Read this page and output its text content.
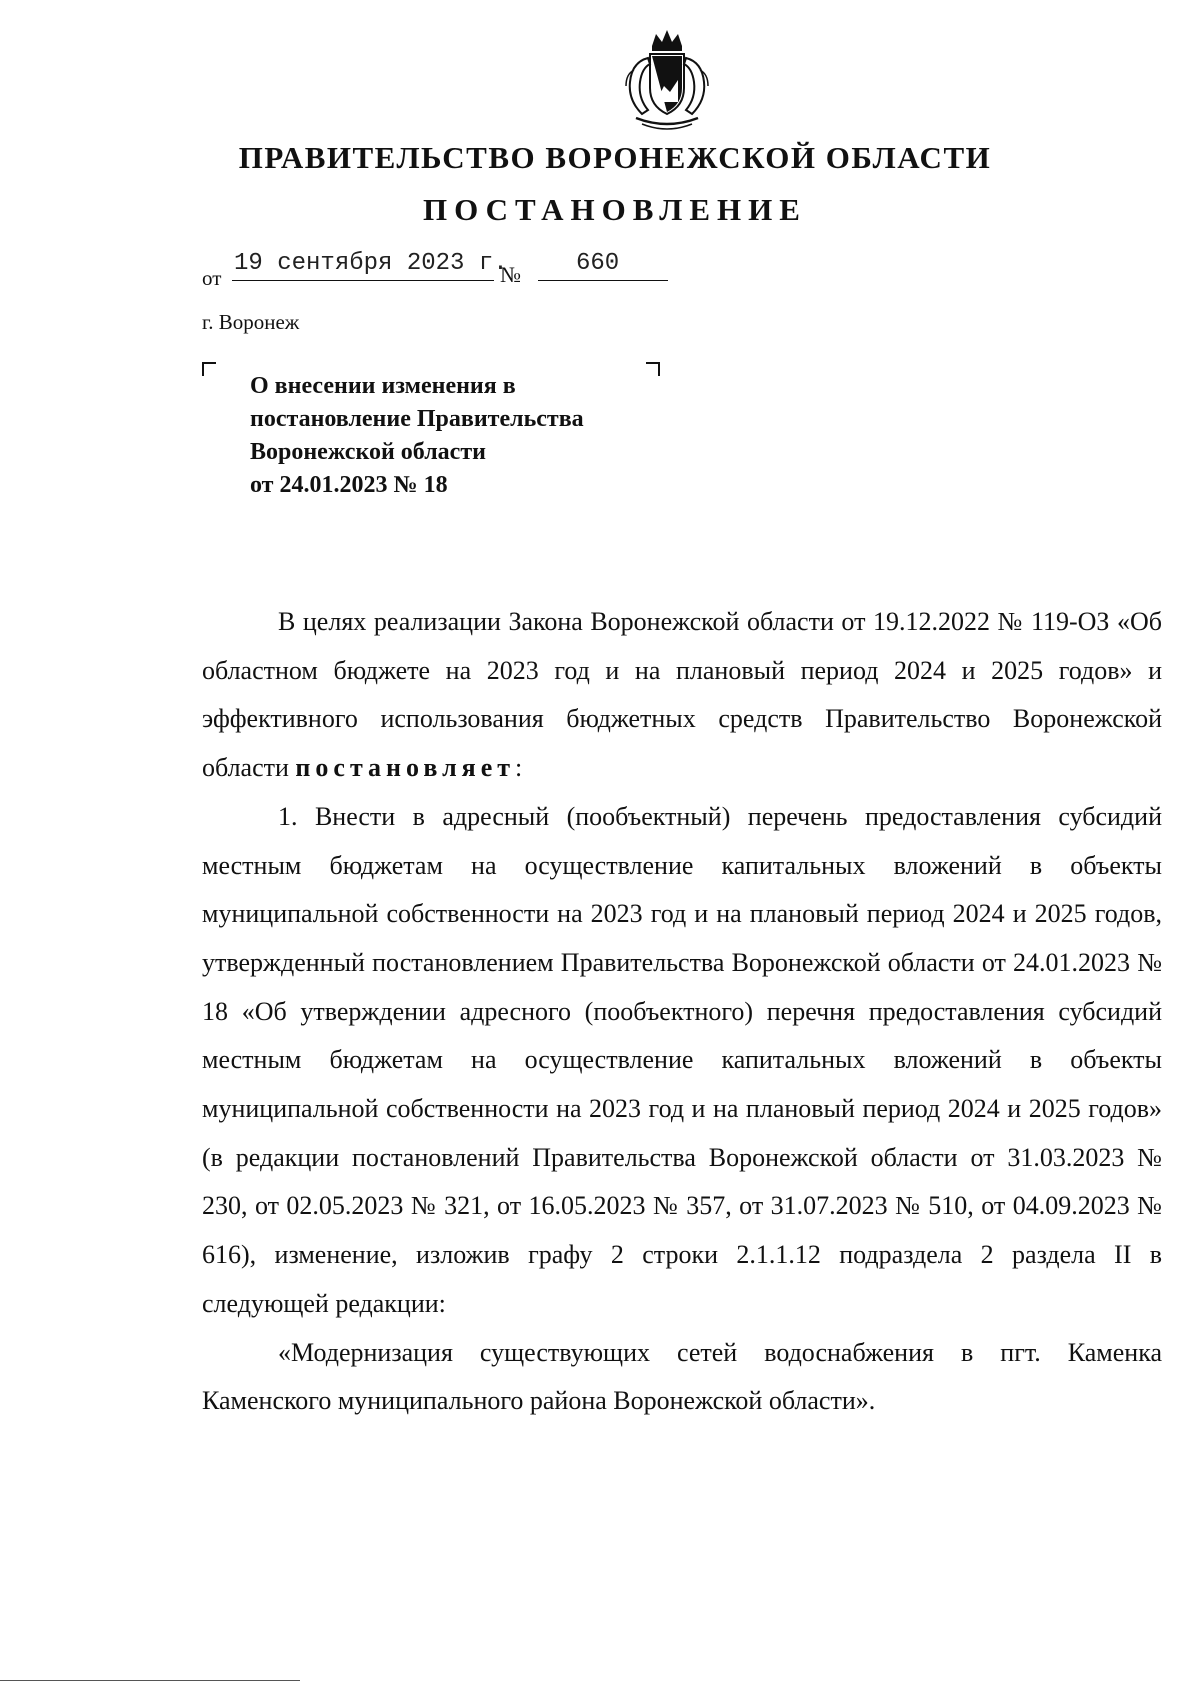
ПРАВИТЕЛЬСТВО ВОРОНЕЖСКОЙ ОБЛАСТИ
ПОСТАНОВЛЕНИЕ
от
19 сентября 2023 г.
№ 660
г. Воронеж
О внесении изменения в
постановление Правительства
Воронежской области
от 24.01.2023 № 18

В целях реализации Закона Воронежской области от 19.12.2022 № 119-ОЗ «Об областном бюджете на 2023 год и на плановый период 2024 и 2025 годов» и эффективного использования бюджетных средств Правительство Воронежской области постановляет:

1. Внести в адресный (пообъектный) перечень предоставления субсидий местным бюджетам на осуществление капитальных вложений в объекты муниципальной собственности на 2023 год и на плановый период 2024 и 2025 годов, утвержденный постановлением Правительства Воронежской области от 24.01.2023 № 18 «Об утверждении адресного (пообъектного) перечня предоставления субсидий местным бюджетам на осуществление капитальных вложений в объекты муниципальной собственности на 2023 год и на плановый период 2024 и 2025 годов» (в редакции постановлений Правительства Воронежской области от 31.03.2023 № 230, от 02.05.2023 № 321, от 16.05.2023 № 357, от 31.07.2023 № 510, от 04.09.2023 № 616), изменение, изложив графу 2 строки 2.1.1.12 подраздела 2 раздела II в следующей редакции:

«Модернизация существующих сетей водоснабжения в пгт. Каменка Каменского муниципального района Воронежской области».
